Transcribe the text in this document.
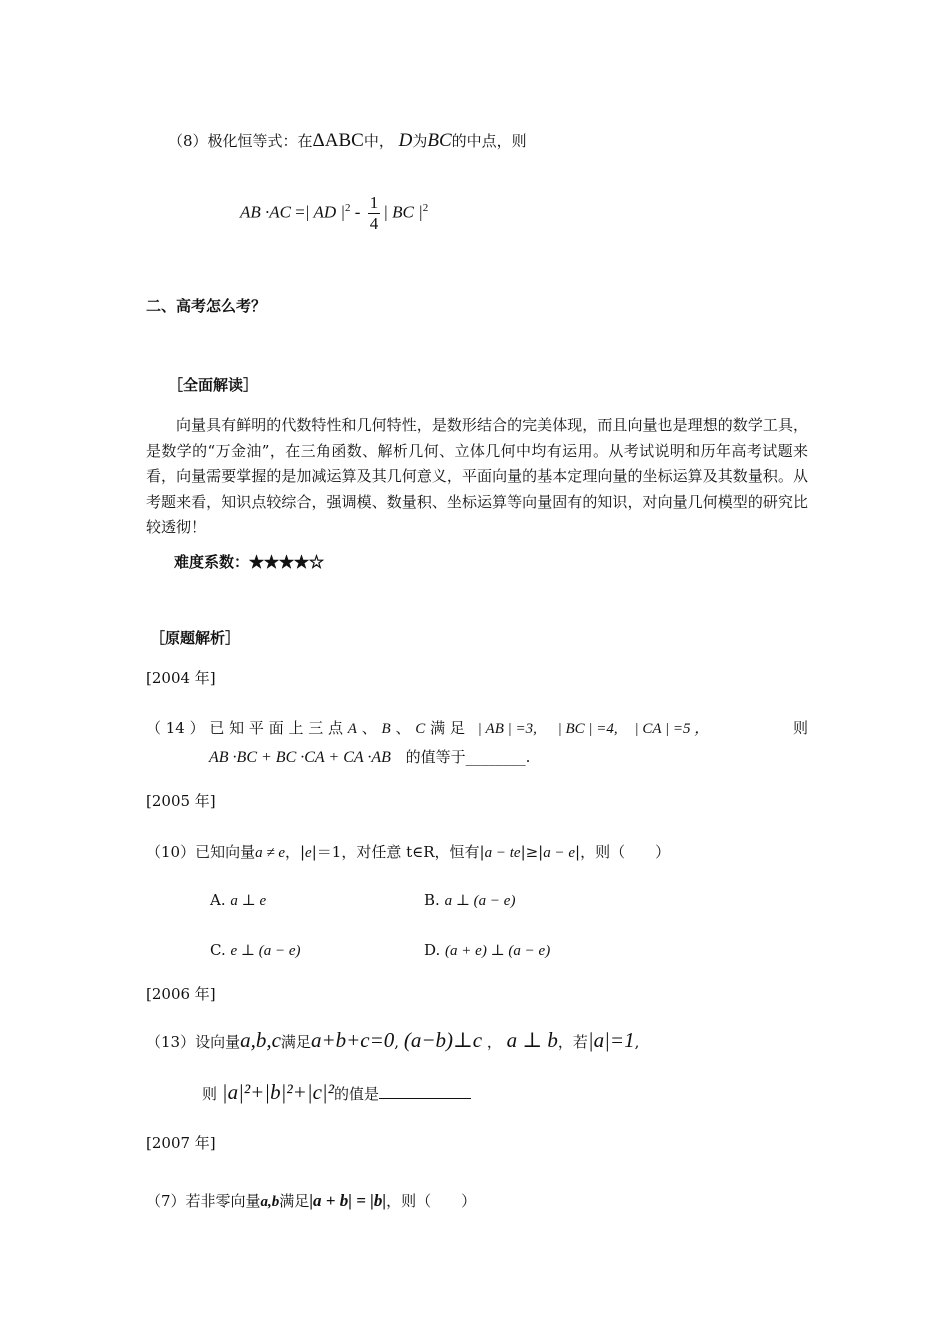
（8）极化恒等式：在ΔABC中， D为BC的中点，则
AB ·AC =| AD $|^2 - \frac{1}{4}$ | BC $|^2$
二、高考怎么考？
［全面解读］
向量具有鲜明的代数特性和几何特性，是数形结合的完美体现，而且向量也是理想的数学工具，是数学的“万金油”，在三角函数、解析几何、立体几何中均有运用。从考试说明和历年高考试题来看，向量需要掌握的是加减运算及其几何意义，平面向量的基本定理向量的坐标运算及其数量积。从考题来看，知识点较综合，强调模、数量积、坐标运算等向量固有的知识，对向量几何模型的研究比较透彻！
难度系数：★★★★☆
［原题解析］
[2004 年]
（ 14 ） 已 知 平 面 上 三 点 A 、 B 、 C 满 足 | AB | =3, | BC | =4, | CA | =5 ，	则
AB ·BC + BC ·CA + CA ·AB 的值等于________.
[2005 年]
（10）已知向量a ≠ e，|e|＝1，对任意 t∈R，恒有|a − te|≥|a − e|，则（　　）
A. a ⊥ e	B. a ⊥ (a − e)
C. e ⊥ (a − e)	D. (a + e) ⊥ (a − e)
[2006 年]
（13）设向量a,b,c满足a+b+c=0, (a−b)⊥c ， a ⊥ b，若|a|=1,
则 |a|²+|b|²+|c|²的值是
[2007 年]
（7）若非零向量a,b满足|a + b| = |b|，则（　　）
